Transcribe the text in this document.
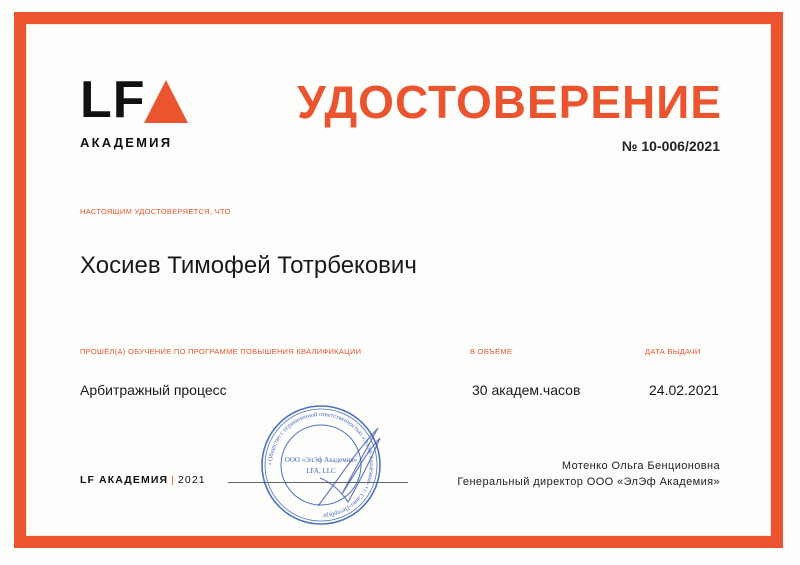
LF
АКАДЕМИЯ
УДОСТОВЕРЕНИЕ
№ 10-006/2021
НАСТОЯЩИМ УДОСТОВЕРЯЕТСЯ, ЧТО
Хосиев Тимофей Тотрбекович
ПРОШЁЛ(А) ОБУЧЕНИЕ ПО ПРОГРАММЕ ПОВЫШЕНИЯ КВАЛИФИКАЦИИ	В ОБЪЁМЕ	ДАТА ВЫДАЧИ
Арбитражный процесс	30 академ.часов	24.02.2021
LF АКАДЕМИЯ | 2021
• Общество с ограниченной ответственностью «ЭлЭф Академия» • г. Санкт-Петербург
ООО «ЭлЭф Академия»
LFA, LLC	Мотенко Ольга Бенционовна
Генеральный директор ООО «ЭлЭф Академия»
